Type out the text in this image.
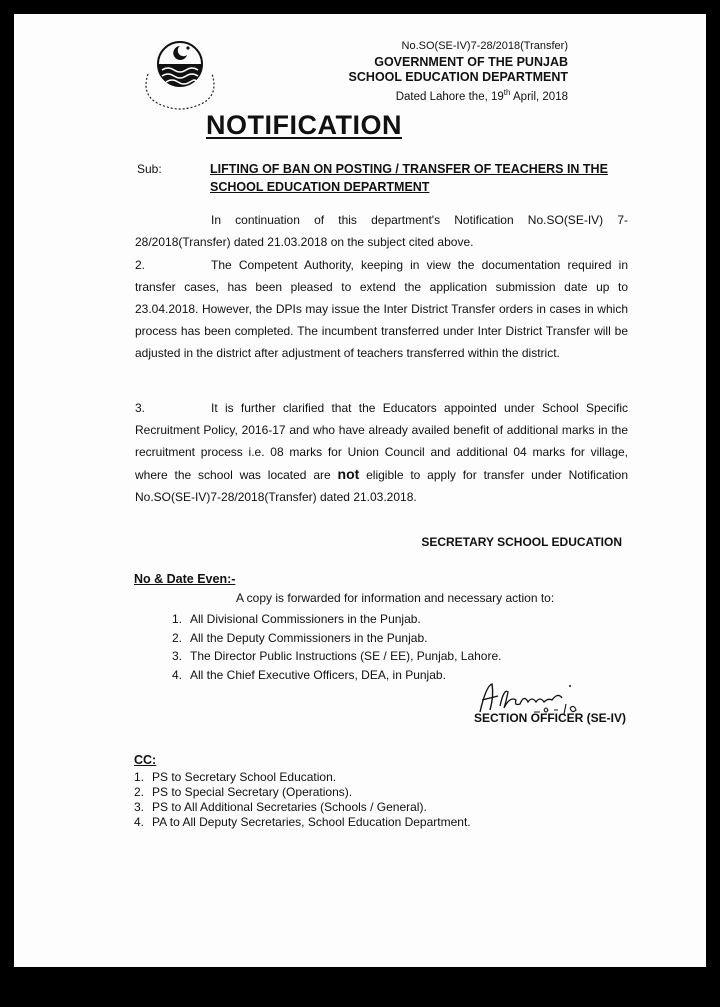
No.SO(SE-IV)7-28/2018(Transfer)
GOVERNMENT OF THE PUNJAB
SCHOOL EDUCATION DEPARTMENT
Dated Lahore the, 19th April, 2018
NOTIFICATION
Sub:	LIFTING OF BAN ON POSTING / TRANSFER OF TEACHERS IN THE SCHOOL EDUCATION DEPARTMENT
In continuation of this department's Notification No.SO(SE-IV) 7-28/2018(Transfer) dated 21.03.2018 on the subject cited above.
2.	The Competent Authority, keeping in view the documentation required in transfer cases, has been pleased to extend the application submission date up to 23.04.2018. However, the DPIs may issue the Inter District Transfer orders in cases in which process has been completed. The incumbent transferred under Inter District Transfer will be adjusted in the district after adjustment of teachers transferred within the district.
3.	It is further clarified that the Educators appointed under School Specific Recruitment Policy, 2016-17 and who have already availed benefit of additional marks in the recruitment process i.e. 08 marks for Union Council and additional 04 marks for village, where the school was located are not eligible to apply for transfer under Notification No.SO(SE-IV)7-28/2018(Transfer) dated 21.03.2018.
SECRETARY SCHOOL EDUCATION
No & Date Even:-
A copy is forwarded for information and necessary action to:
1. All Divisional Commissioners in the Punjab.
2. All the Deputy Commissioners in the Punjab.
3. The Director Public Instructions (SE / EE), Punjab, Lahore.
4. All the Chief Executive Officers, DEA, in Punjab.
SECTION OFFICER (SE-IV)
CC:
1. PS to Secretary School Education.
2. PS to Special Secretary (Operations).
3. PS to All Additional Secretaries (Schools / General).
4. PA to All Deputy Secretaries, School Education Department.
